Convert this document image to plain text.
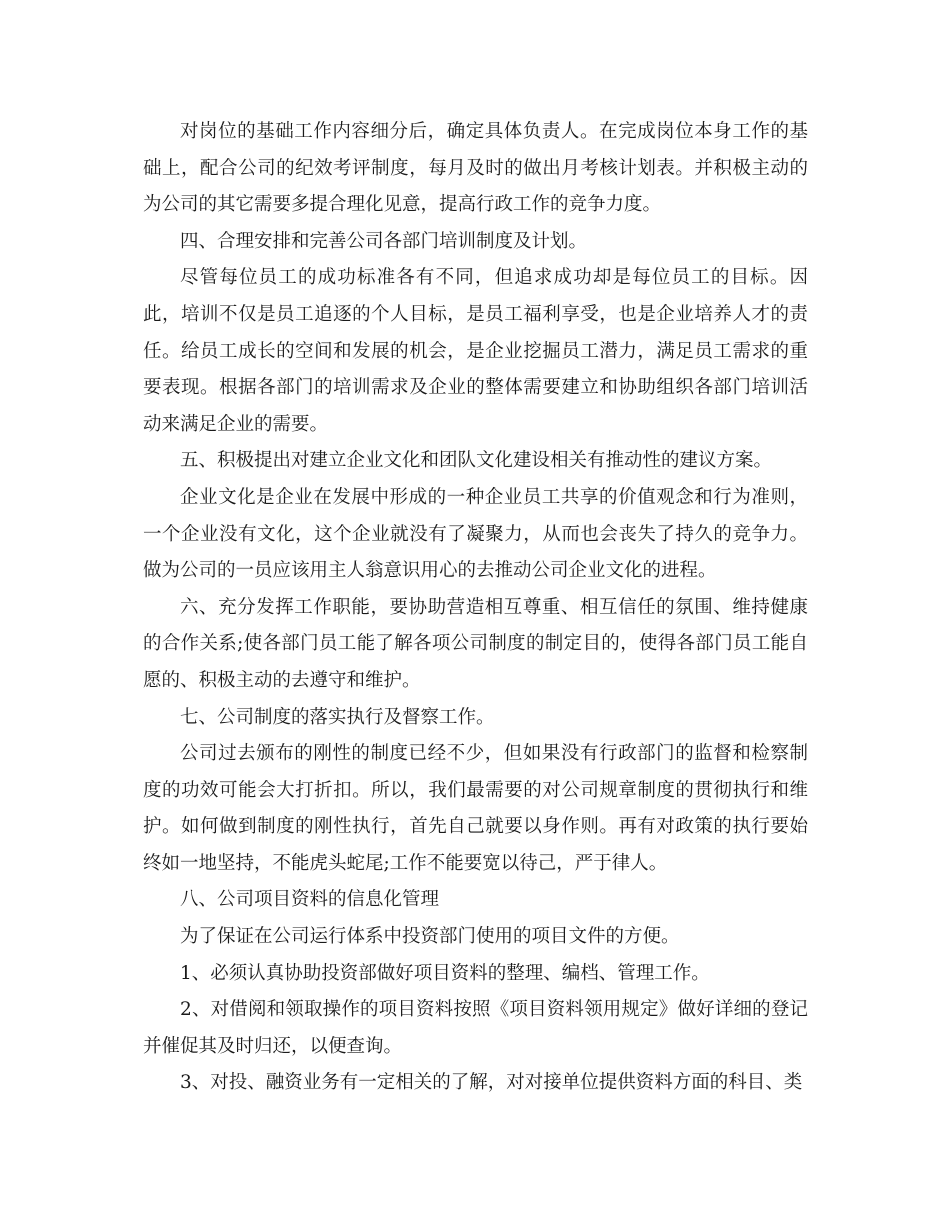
对岗位的基础工作内容细分后，确定具体负责人。在完成岗位本身工作的基础上，配合公司的纪效考评制度，每月及时的做出月考核计划表。并积极主动的为公司的其它需要多提合理化见意，提高行政工作的竞争力度。

四、合理安排和完善公司各部门培训制度及计划。

尽管每位员工的成功标准各有不同，但追求成功却是每位员工的目标。因此，培训不仅是员工追逐的个人目标，是员工福利享受，也是企业培养人才的责任。给员工成长的空间和发展的机会，是企业挖掘员工潜力，满足员工需求的重要表现。根据各部门的培训需求及企业的整体需要建立和协助组织各部门培训活动来满足企业的需要。

五、积极提出对建立企业文化和团队文化建设相关有推动性的建议方案。

企业文化是企业在发展中形成的一种企业员工共享的价值观念和行为准则，一个企业没有文化，这个企业就没有了凝聚力，从而也会丧失了持久的竞争力。做为公司的一员应该用主人翁意识用心的去推动公司企业文化的进程。

六、充分发挥工作职能，要协助营造相互尊重、相互信任的氛围、维持健康的合作关系;使各部门员工能了解各项公司制度的制定目的，使得各部门员工能自愿的、积极主动的去遵守和维护。

七、公司制度的落实执行及督察工作。

公司过去颁布的刚性的制度已经不少，但如果没有行政部门的监督和检察制度的功效可能会大打折扣。所以，我们最需要的对公司规章制度的贯彻执行和维护。如何做到制度的刚性执行，首先自己就要以身作则。再有对政策的执行要始终如一地坚持，不能虎头蛇尾;工作不能要宽以待己，严于律人。

八、公司项目资料的信息化管理

为了保证在公司运行体系中投资部门使用的项目文件的方便。

1、必须认真协助投资部做好项目资料的整理、编档、管理工作。

2、对借阅和领取操作的项目资料按照《项目资料领用规定》做好详细的登记并催促其及时归还，以便查询。

3、对投、融资业务有一定相关的了解，对对接单位提供资料方面的科目、类
